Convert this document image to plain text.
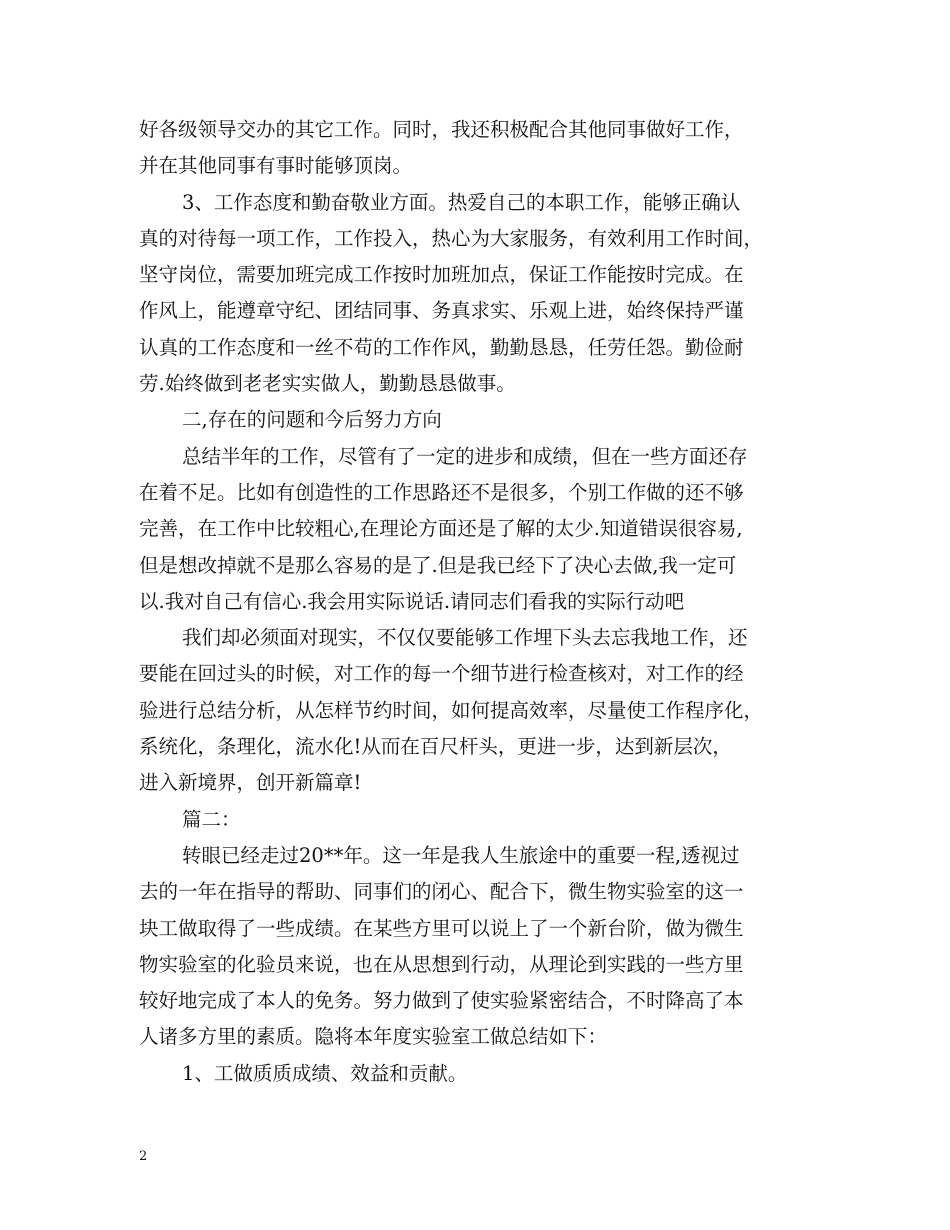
好各级领导交办的其它工作。同时，我还积极配合其他同事做好工作，
并在其他同事有事时能够顶岗。
3、工作态度和勤奋敬业方面。热爱自己的本职工作，能够正确认
真的对待每一项工作，工作投入，热心为大家服务，有效利用工作时间，
坚守岗位，需要加班完成工作按时加班加点，保证工作能按时完成。在
作风上，能遵章守纪、团结同事、务真求实、乐观上进，始终保持严谨
认真的工作态度和一丝不苟的工作作风，勤勤恳恳，任劳任怨。勤俭耐
劳.始终做到老老实实做人，勤勤恳恳做事。
二,存在的问题和今后努力方向
总结半年的工作，尽管有了一定的进步和成绩，但在一些方面还存
在着不足。比如有创造性的工作思路还不是很多，个别工作做的还不够
完善，在工作中比较粗心,在理论方面还是了解的太少.知道错误很容易,
但是想改掉就不是那么容易的是了.但是我已经下了决心去做,我一定可
以.我对自己有信心.我会用实际说话.请同志们看我的实际行动吧
我们却必须面对现实，不仅仅要能够工作埋下头去忘我地工作，还
要能在回过头的时候，对工作的每一个细节进行检查核对，对工作的经
验进行总结分析，从怎样节约时间，如何提高效率，尽量使工作程序化，
系统化，条理化，流水化!从而在百尺杆头，更进一步，达到新层次，
进入新境界，创开新篇章!
篇二：
转眼已经走过20**年。这一年是我人生旅途中的重要一程,透视过
去的一年在指导的帮助、同事们的闭心、配合下，微生物实验室的这一
块工做取得了一些成绩。在某些方里可以说上了一个新台阶，做为微生
物实验室的化验员来说，也在从思想到行动，从理论到实践的一些方里
较好地完成了本人的免务。努力做到了使实验紧密结合，不时降高了本
人诸多方里的素质。隐将本年度实验室工做总结如下：
1、工做质质成绩、效益和贡献。
2
